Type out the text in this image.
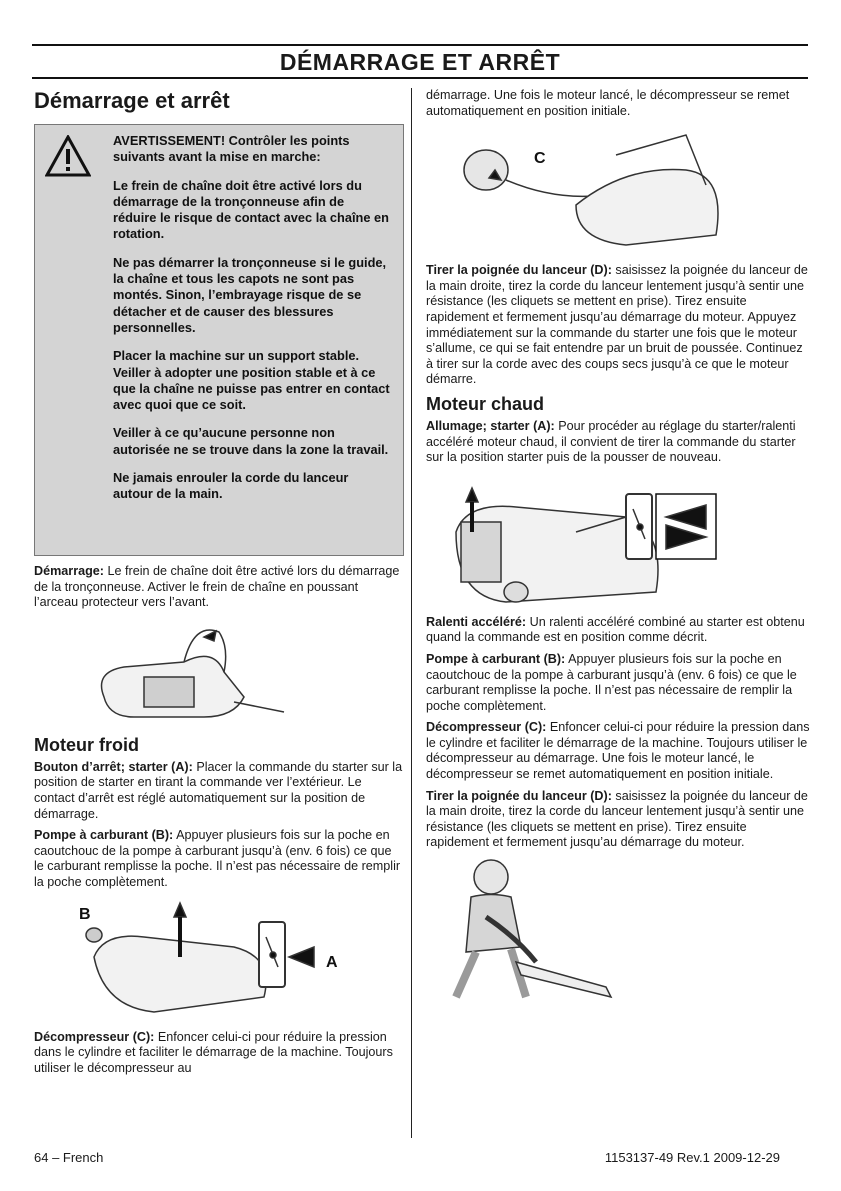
DÉMARRAGE ET ARRÊT
Démarrage et arrêt

AVERTISSEMENT! Contrôler les points suivants avant la mise en marche:

Le frein de chaîne doit être activé lors du démarrage de la tronçonneuse afin de réduire le risque de contact avec la chaîne en rotation.

Ne pas démarrer la tronçonneuse si le guide, la chaîne et tous les capots ne sont pas montés. Sinon, l’embrayage risque de se détacher et de causer des blessures personnelles.

Placer la machine sur un support stable. Veiller à adopter une position stable et à ce que la chaîne ne puisse pas entrer en contact avec quoi que ce soit.

Veiller à ce qu’aucune personne non autorisée ne se trouve dans la zone la travail.

Ne jamais enrouler la corde du lanceur autour de la main.

Démarrage: Le frein de chaîne doit être activé lors du démarrage de la tronçonneuse. Activer le frein de chaîne en poussant l’arceau protecteur vers l’avant.

Moteur froid

Bouton d’arrêt; starter (A): Placer la commande du starter sur la position de starter en tirant la commande ver l’extérieur. Le contact d’arrêt est réglé automatiquement sur la position de démarrage.

Pompe à carburant (B): Appuyer plusieurs fois sur la poche en caoutchouc de la pompe à carburant jusqu’à (env. 6 fois) ce que le carburant remplisse la poche. Il n’est pas nécessaire de remplir la poche complètement.

B
A

Décompresseur (C): Enfoncer celui-ci pour réduire la pression dans le cylindre et faciliter le démarrage de la machine. Toujours utiliser le décompresseur au

démarrage. Une fois le moteur lancé, le décompresseur se remet automatiquement en position initiale.

C

Tirer la poignée du lanceur (D): saisissez la poignée du lanceur de la main droite, tirez la corde du lanceur lentement jusqu’à sentir une résistance (les cliquets se mettent en prise). Tirez ensuite rapidement et fermement jusqu’au démarrage du moteur. Appuyez immédiatement sur la commande du starter une fois que le moteur s’allume, ce qui se fait entendre par un bruit de poussée. Continuez à tirer sur la corde avec des coups secs jusqu’à ce que le moteur démarre.

Moteur chaud

Allumage; starter (A): Pour procéder au réglage du starter/ralenti accéléré moteur chaud, il convient de tirer la commande du starter sur la position starter puis de la pousser de nouveau.

Ralenti accéléré: Un ralenti accéléré combiné au starter est obtenu quand la commande est en position comme décrit.

Pompe à carburant (B): Appuyer plusieurs fois sur la poche en caoutchouc de la pompe à carburant jusqu’à (env. 6 fois) ce que le carburant remplisse la poche. Il n’est pas nécessaire de remplir la poche complètement.

Décompresseur (C): Enfoncer celui-ci pour réduire la pression dans le cylindre et faciliter le démarrage de la machine. Toujours utiliser le décompresseur au démarrage. Une fois le moteur lancé, le décompresseur se remet automatiquement en position initiale.

Tirer la poignée du lanceur (D): saisissez la poignée du lanceur de la main droite, tirez la corde du lanceur lentement jusqu’à sentir une résistance (les cliquets se mettent en prise). Tirez ensuite rapidement et fermement jusqu’au démarrage du moteur.

64 – French	1153137-49 Rev.1 2009-12-29
